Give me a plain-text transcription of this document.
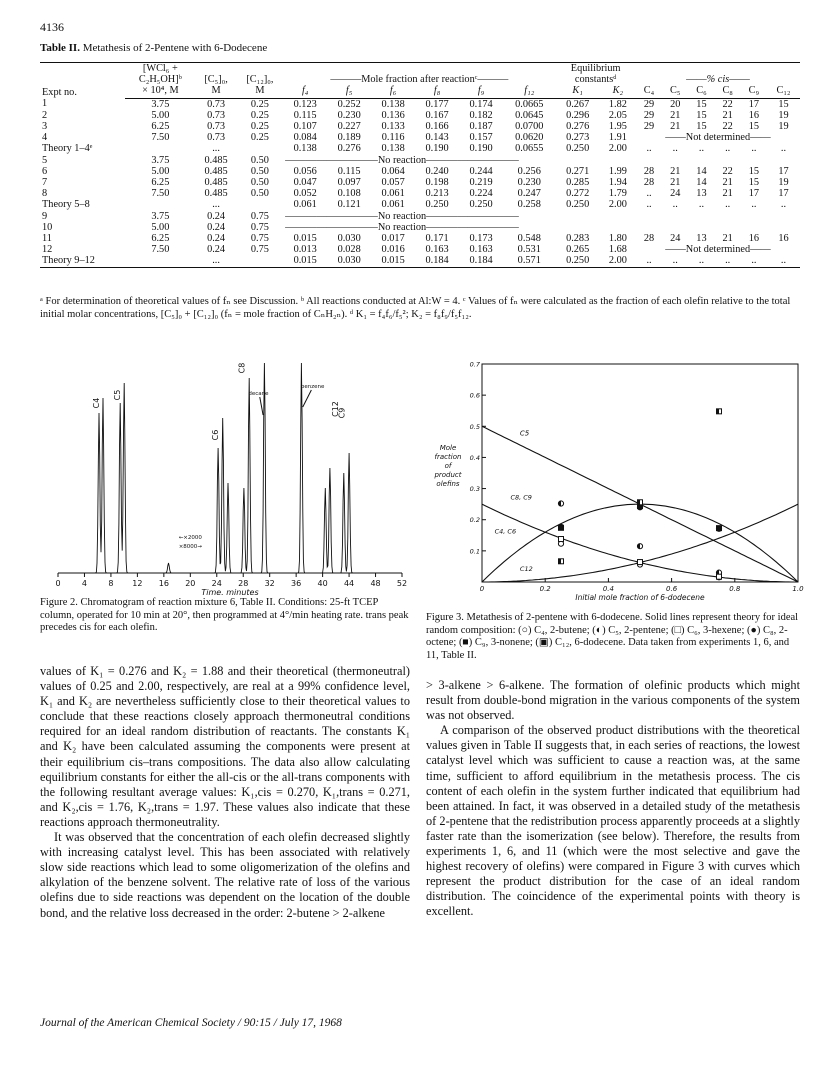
4136
Table II. Metathesis of 2-Pentene with 6-Dodecene
Expt no.	[WCl₆ +									Equilibrium							
	C₂H₅OH]ᵇ	[C₅]₀,	[C₁₂]₀,	———Mole fraction after reactionᶜ———						constantsᵈ		——% cis——					
	× 10⁴, M	M	M	f₄	f₅	f₆	f₈	f₉	f₁₂	K₁	K₂	C₄	C₅	C₆	C₈	C₉	C₁₂
1	3.75	0.73	0.25	0.123	0.252	0.138	0.177	0.174	0.0665	0.267	1.82	29	20	15	22	17	15
2	5.00	0.73	0.25	0.115	0.230	0.136	0.167	0.182	0.0645	0.296	2.05	29	21	15	21	16	19
3	6.25	0.73	0.25	0.107	0.227	0.133	0.166	0.187	0.0700	0.276	1.95	29	21	15	22	15	19
4	7.50	0.73	0.25	0.084	0.189	0.116	0.143	0.157	0.0620	0.273	1.91	——Not determined——					
Theory 1–4ᵉ		...		0.138	0.276	0.138	0.190	0.190	0.0655	0.250	2.00	..	..	..	..	..	..
5	3.75	0.485	0.50	—————————No reaction—————————													
6	5.00	0.485	0.50	0.056	0.115	0.064	0.240	0.244	0.256	0.271	1.99	28	21	14	22	15	17
7	6.25	0.485	0.50	0.047	0.097	0.057	0.198	0.219	0.230	0.285	1.94	28	21	14	21	15	19
8	7.50	0.485	0.50	0.052	0.108	0.061	0.213	0.224	0.247	0.272	1.79	..	24	13	21	17	17
Theory 5–8		...		0.061	0.121	0.061	0.250	0.250	0.258	0.250	2.00	..	..	..	..	..	..
9	3.75	0.24	0.75	—————————No reaction—————————													
10	5.00	0.24	0.75	—————————No reaction—————————													
11	6.25	0.24	0.75	0.015	0.030	0.017	0.171	0.173	0.548	0.283	1.80	28	24	13	21	16	16
12	7.50	0.24	0.75	0.013	0.028	0.016	0.163	0.163	0.531	0.265	1.68	——Not determined——					
Theory 9–12		...		0.015	0.030	0.015	0.184	0.184	0.571	0.250	2.00	..	..	..	..	..	..
ᵃ For determination of theoretical values of fₙ see Discussion. ᵇ All reactions conducted at Al:W = 4. ᶜ Values of fₙ were calculated as the fraction of each olefin relative to the total initial molar concentrations, [C₅]₀ + [C₁₂]₀ (fₙ = mole fraction of CₙH₂ₙ). ᵈ K₁ = f₄f₆/f₅²; K₂ = f₈f₉/f₅f₁₂.
0	4	8 12 16 20 24 28 32 36 40 44 48 52
Time, minutes
C4
C5
C6
C8
C9
C12
decane
benzene
←×2000
×8000→
Figure 2. Chromatogram of reaction mixture 6, Table II. Conditions: 25-ft TCEP column, operated for 10 min at 20°, then programmed at 4°/min heating rate. trans peak precedes cis for each olefin.
0	0.2	0.4	0.6	0.8	1.0
0.1
0.2
0.3
0.4
0.5
0.6
0.7
Initial mole fraction of 6-dodecene
Mole
fraction
of
product
olefins
C5
C8, C9
C4, C6
C12
Figure 3. Metathesis of 2-pentene with 6-dodecene. Solid lines represent theory for ideal random composition: (○) C₄, 2-butene; (◐) C₅, 2-pentene; (□) C₆, 3-hexene; (●) C₈, 2-octene; (■) C₉, 3-nonene; (▣) C₁₂, 6-dodecene. Data taken from experiments 1, 6, and 11, Table II.

values of K₁ = 0.276 and K₂ = 1.88 and their theoretical (thermoneutral) values of 0.25 and 2.00, respectively, are real at a 99% confidence level, K₁ and K₂ are nevertheless sufficiently close to their theoretical values to conclude that these reactions closely approach thermoneutral conditions required for an ideal random distribution of reactants. The constants K₁ and K₂ have been calculated assuming the components were present at their equilibrium cis–trans compositions. The data also allow calculating equilibrium constants for either the all-cis or the all-trans components with the following resultant average values: K₁,cis = 0.270, K₁,trans = 0.271, and K₂,cis = 1.76, K₂,trans = 1.97. These values also indicate that these reactions approach thermoneutrality.

It was observed that the concentration of each olefin decreased slightly with increasing catalyst level. This has been associated with relatively slow side reactions which lead to some oligomerization of the olefins and alkylation of the benzene solvent. The relative rate of loss of the various olefins due to side reactions was dependent on the location of the double bond, and the relative loss decreased in the order: 2-butene > 2-alkene

> 3-alkene > 6-alkene. The formation of olefinic products which might result from double-bond migration in the various components of the system was not observed.

A comparison of the observed product distributions with the theoretical values given in Table II suggests that, in each series of reactions, the lowest catalyst level which was sufficient to cause a reaction was, at the same time, sufficient to afford equilibrium in the metathesis process. The cis content of each olefin in the system further indicated that equilibrium had been attained. In fact, it was observed in a detailed study of the metathesis of 2-pentene that the redistribution process apparently proceeds at a slightly faster rate than the isomerization (see below). Therefore, the results from experiments 1, 6, and 11 (which were the most selective and gave the highest recovery of olefins) were compared in Figure 3 with curves which represent the product distribution for the case of an ideal random distribution. The coincidence of the experimental points with theory is excellent.

Journal of the American Chemical Society / 90:15 / July 17, 1968
